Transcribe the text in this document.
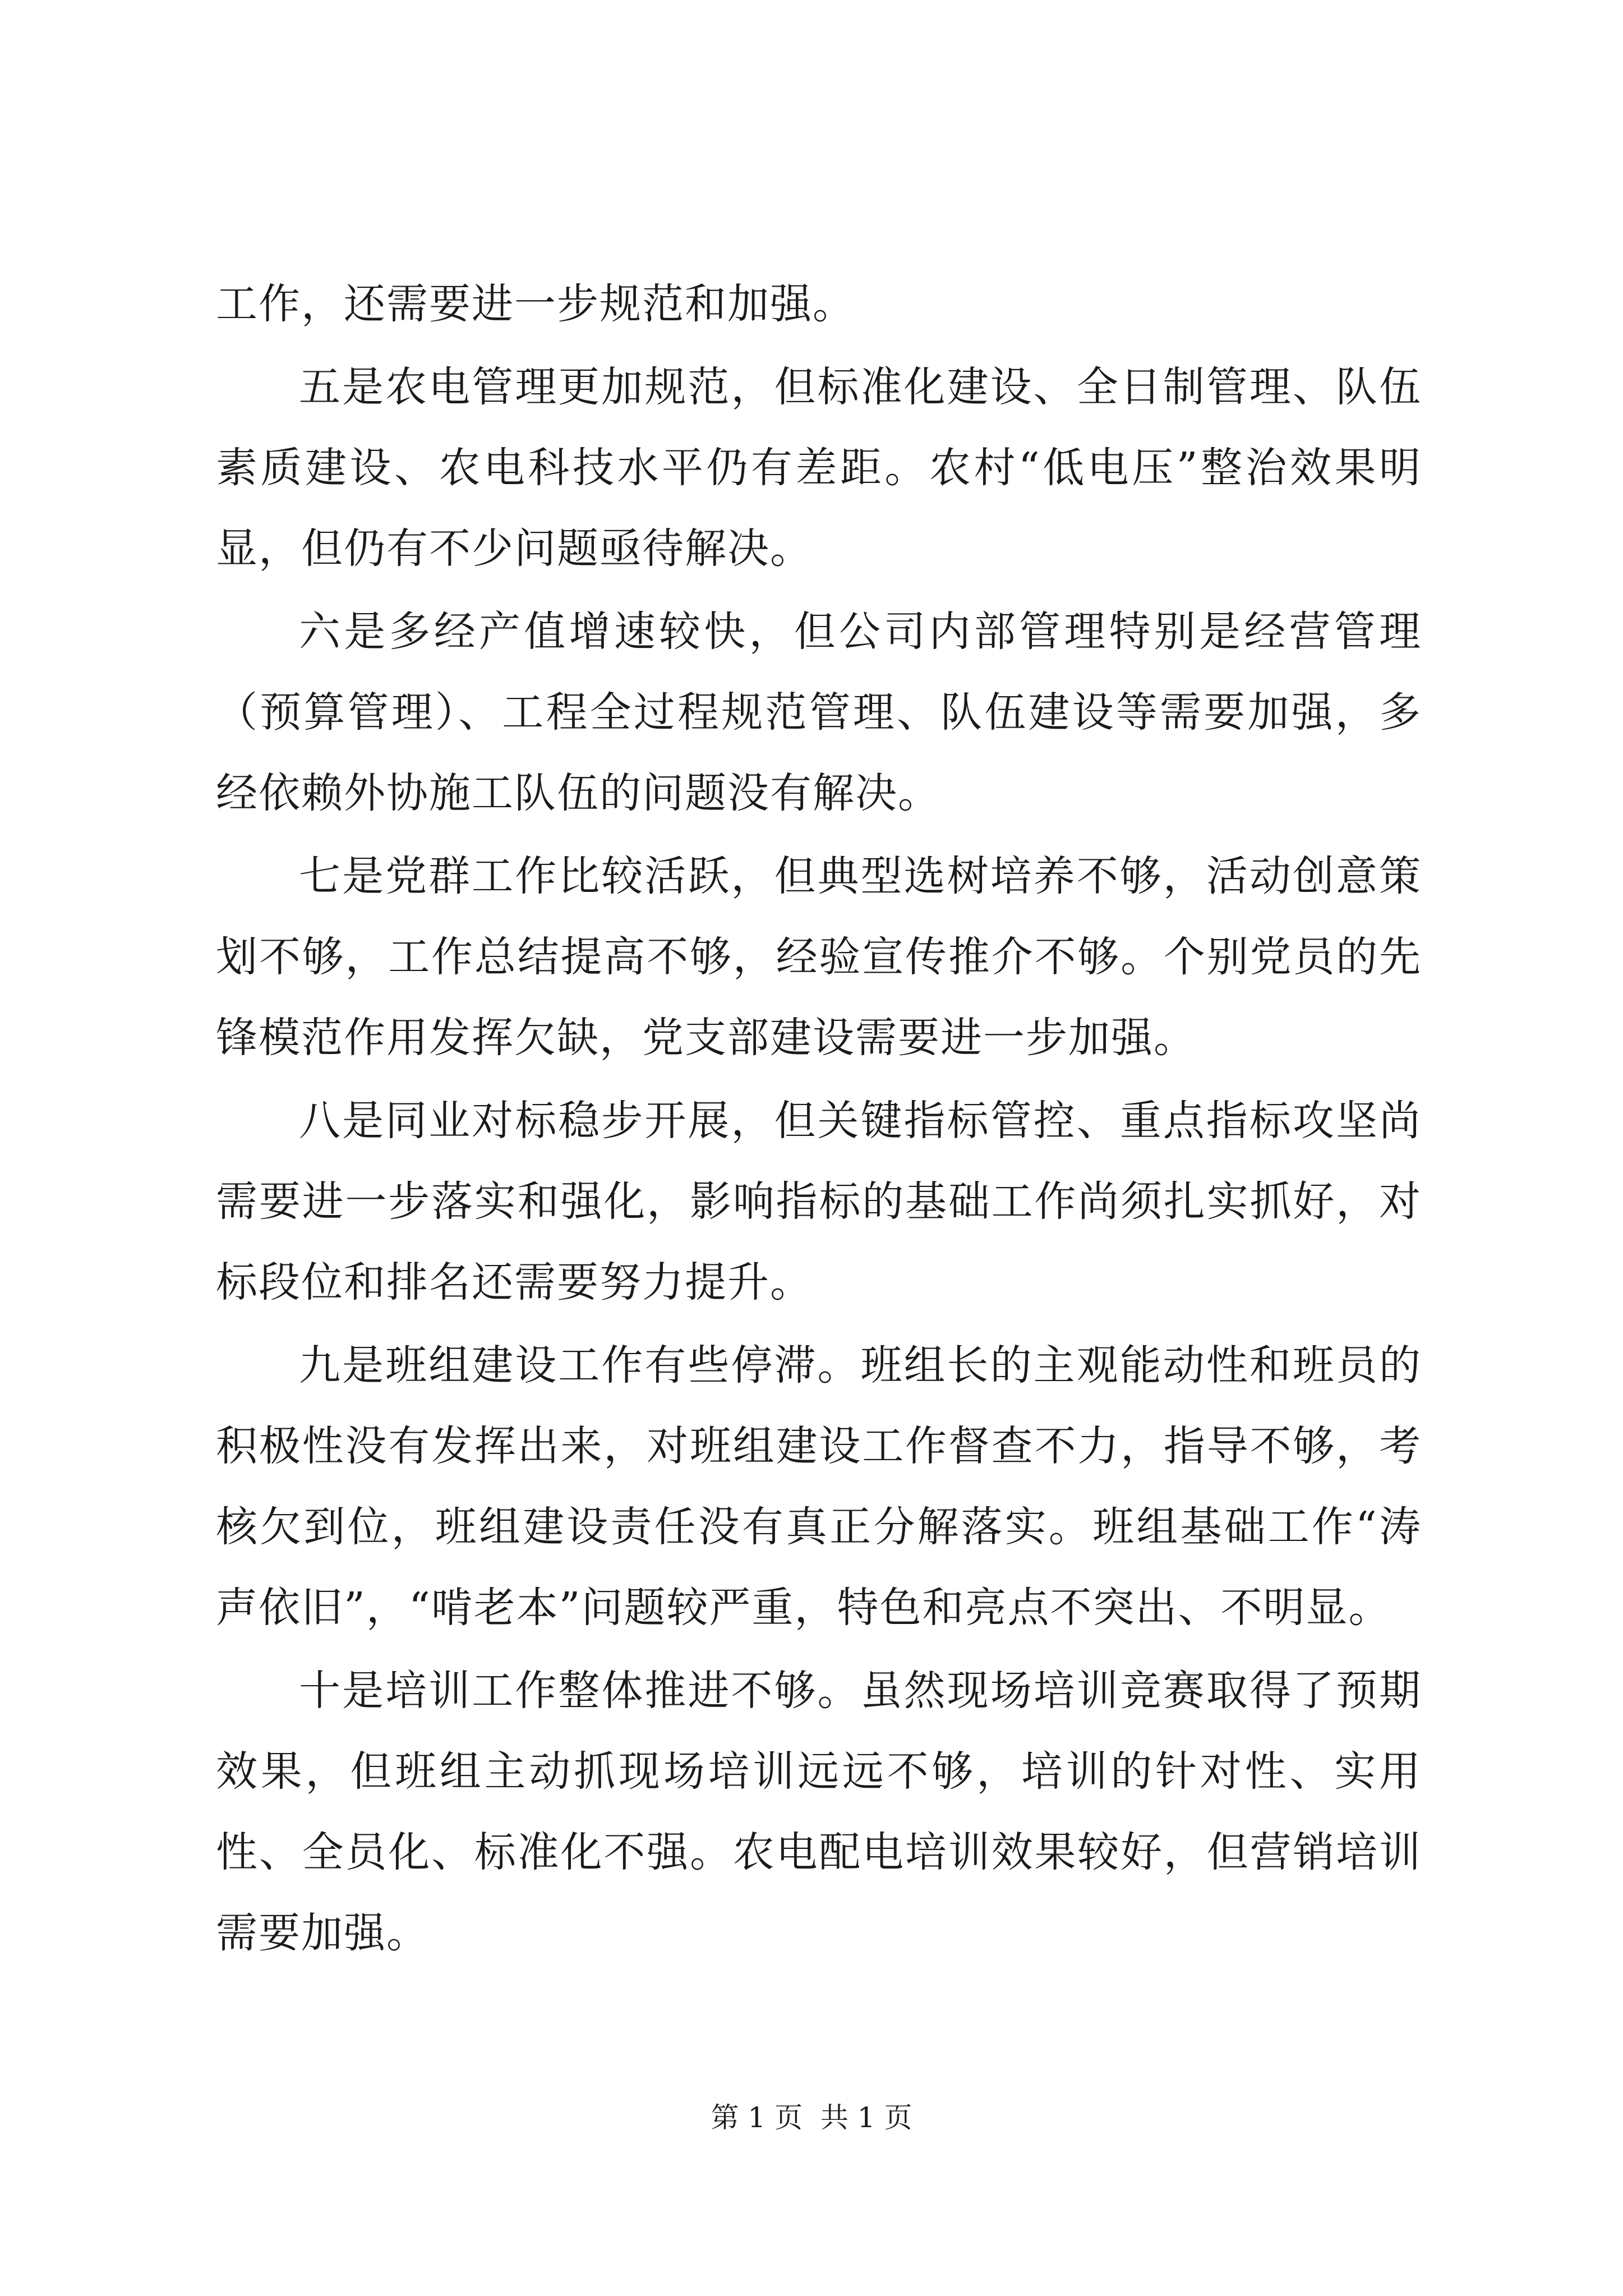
工作，还需要进一步规范和加强。

五是农电管理更加规范，但标准化建设、全日制管理、队伍素质建设、农电科技水平仍有差距。农村“低电压”整治效果明显，但仍有不少问题亟待解决。

六是多经产值增速较快，但公司内部管理特别是经营管理（预算管理）、工程全过程规范管理、队伍建设等需要加强，多经依赖外协施工队伍的问题没有解决。

七是党群工作比较活跃，但典型选树培养不够，活动创意策划不够，工作总结提高不够，经验宣传推介不够。个别党员的先锋模范作用发挥欠缺，党支部建设需要进一步加强。

八是同业对标稳步开展，但关键指标管控、重点指标攻坚尚需要进一步落实和强化，影响指标的基础工作尚须扎实抓好，对标段位和排名还需要努力提升。

九是班组建设工作有些停滞。班组长的主观能动性和班员的积极性没有发挥出来，对班组建设工作督查不力，指导不够，考核欠到位，班组建设责任没有真正分解落实。班组基础工作“涛声依旧”，“啃老本”问题较严重，特色和亮点不突出、不明显。

十是培训工作整体推进不够。虽然现场培训竞赛取得了预期效果，但班组主动抓现场培训远远不够，培训的针对性、实用性、全员化、标准化不强。农电配电培训效果较好，但营销培训需要加强。

第 1 页  共 1 页
